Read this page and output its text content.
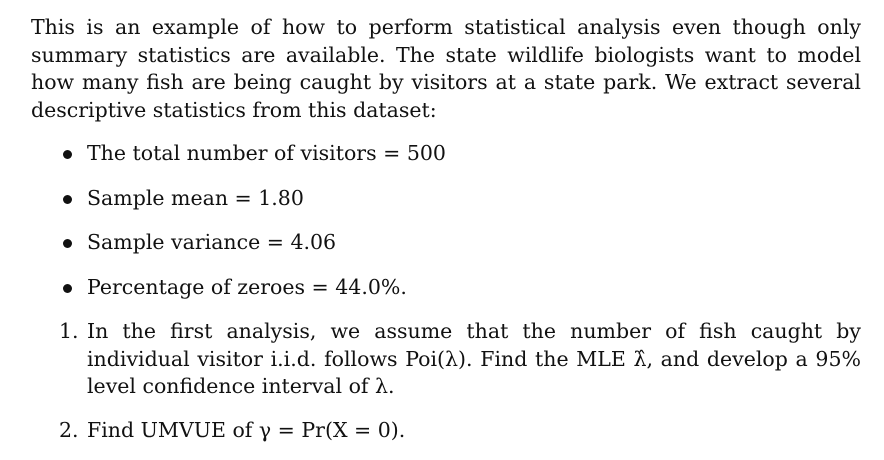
This is an example of how to perform statistical analysis even though only summary statistics are available. The state wildlife biologists want to model how many fish are being caught by visitors at a state park. We extract several descriptive statistics from this dataset:

The total number of visitors = 500
Sample mean = 1.80
Sample variance = 4.06
Percentage of zeroes = 44.0%.
1. In the first analysis, we assume that the number of fish caught by individual visitor i.i.d. follows Poi(λ). Find the MLE λ̂, and develop a 95% level confidence interval of λ.
2. Find UMVUE of γ = Pr(X = 0).
